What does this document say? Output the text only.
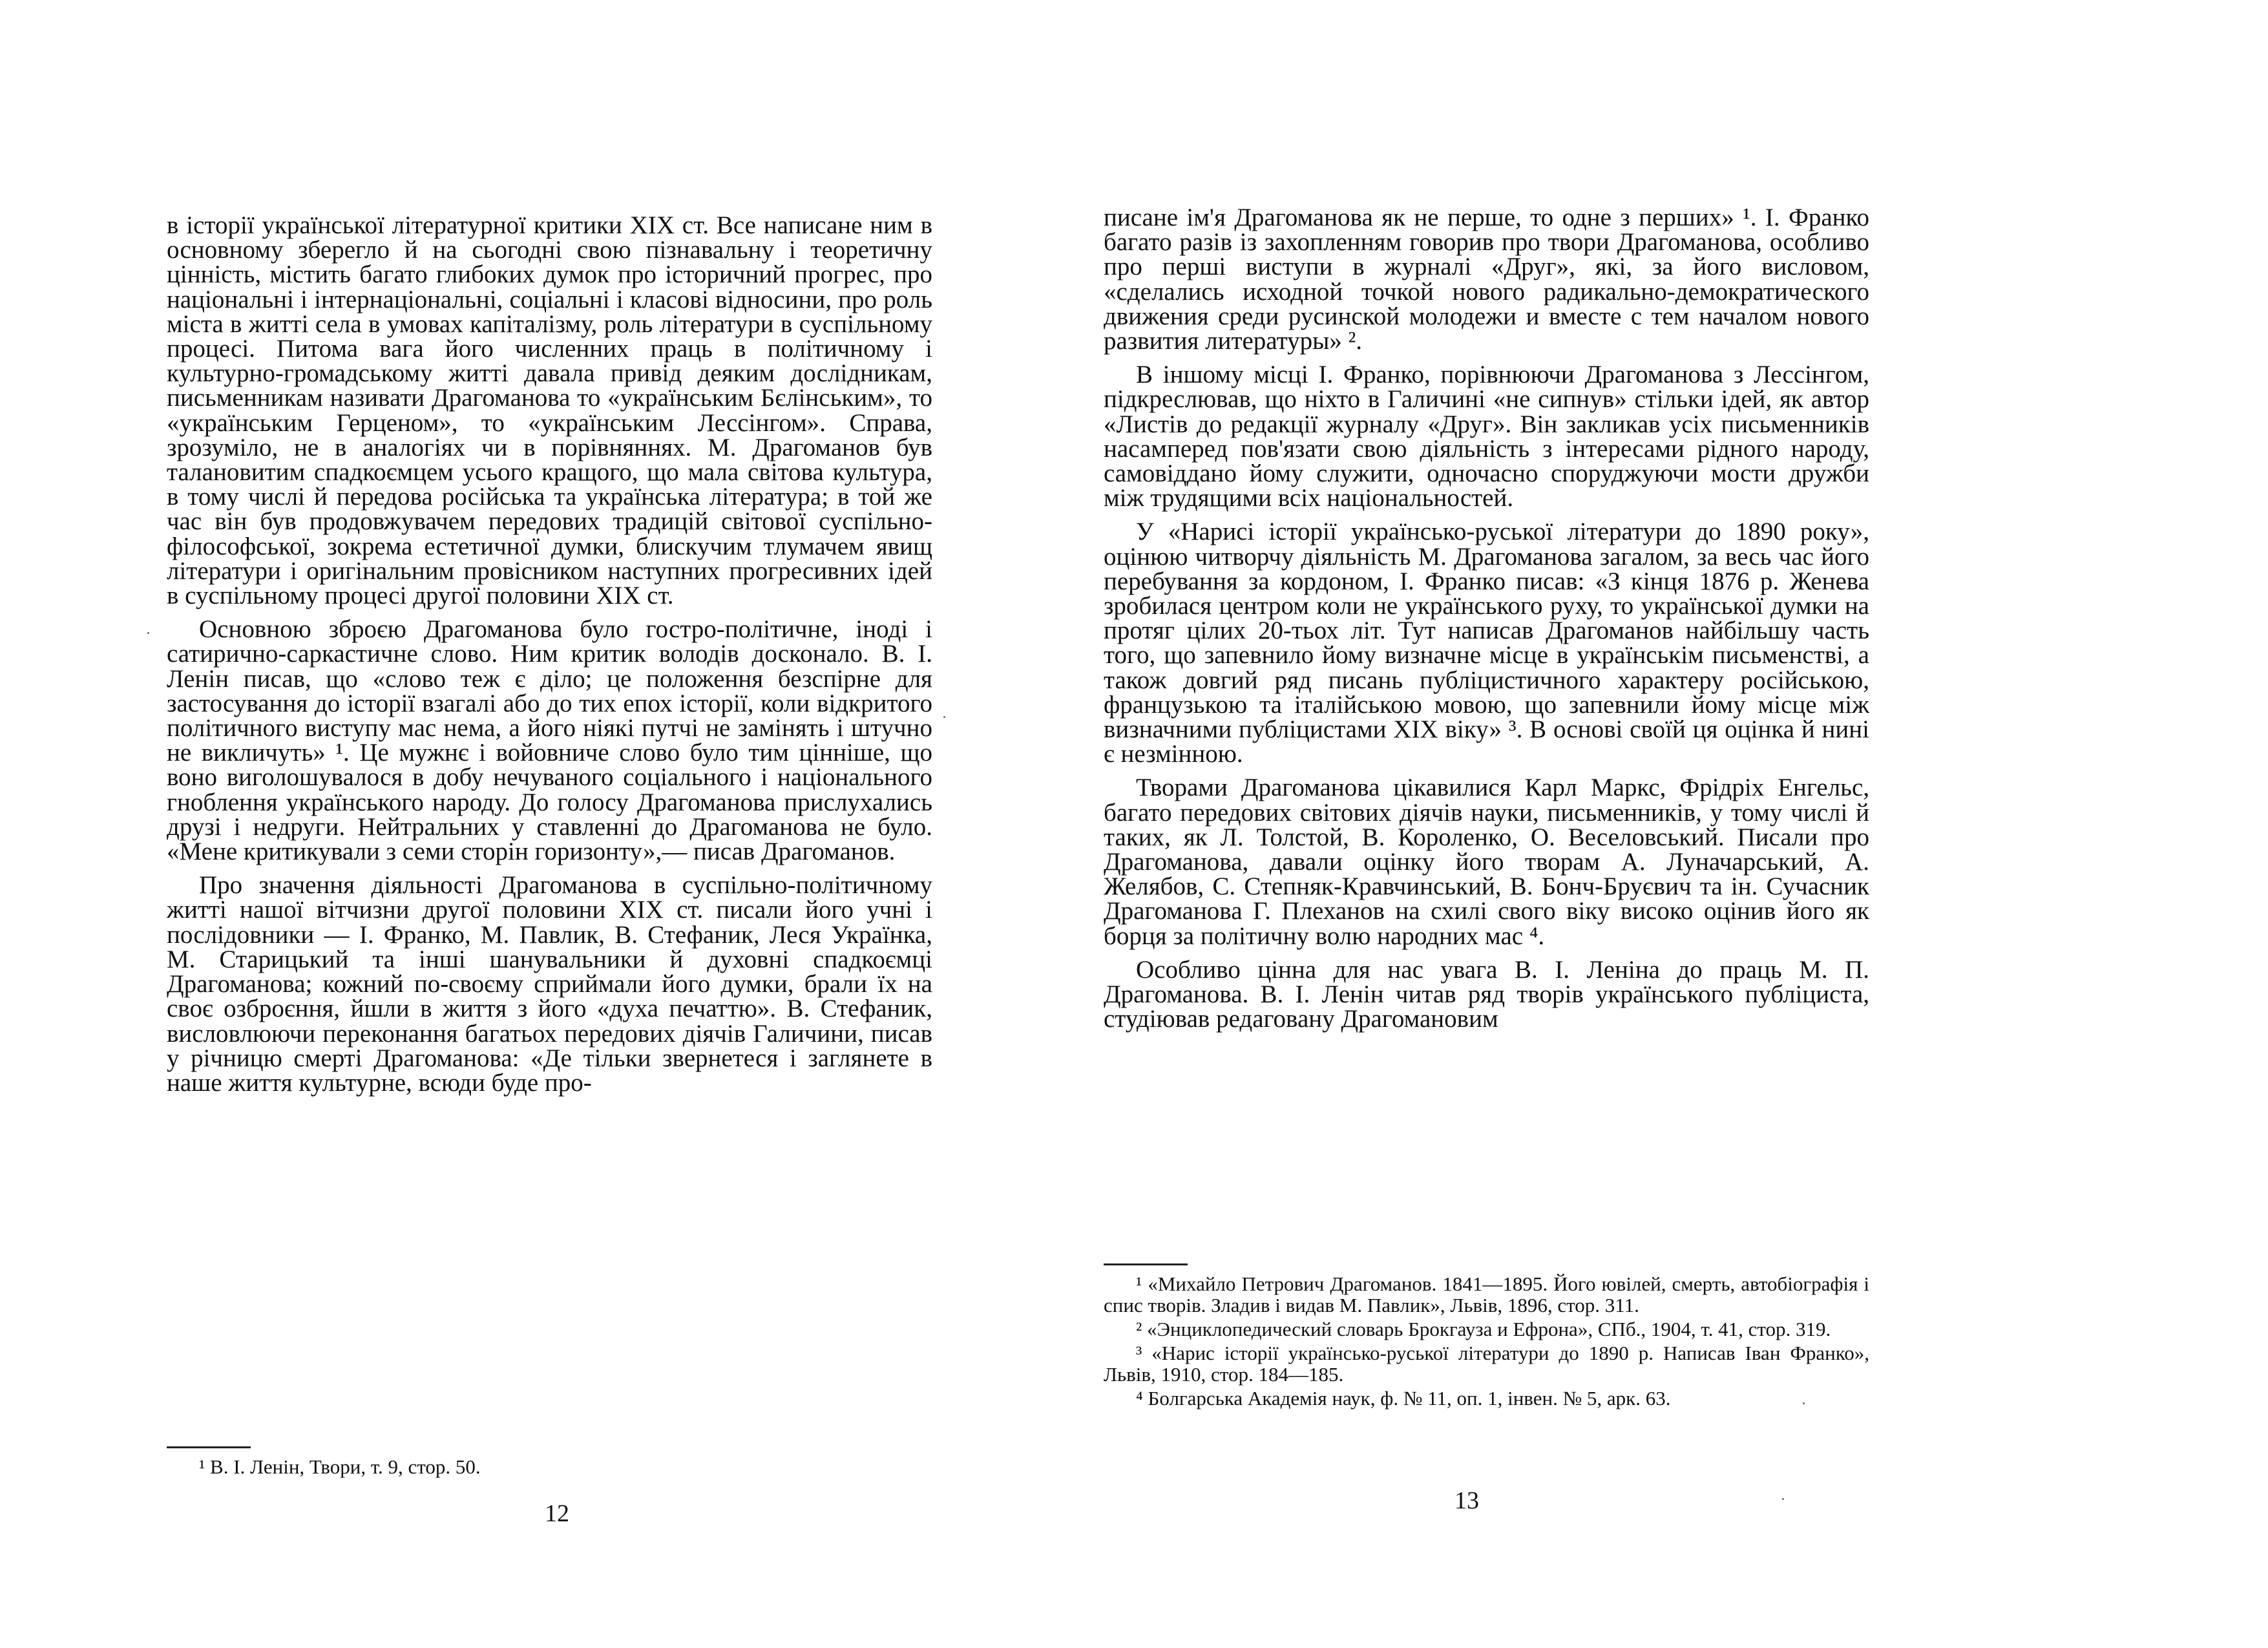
в історії української літературної критики XIX ст. Все написане ним в основному збереглo й на сьогодні свою пізнавальну і теоретичну цінність, містить багато глибоких думок про історичний прогрес, про національні і інтернаціональні, соціальні і класові відносини, про роль міста в житті села в умовах капіталізму, роль літератури в суспільному процесі. Питома вага його численних праць в політичному і культурно-громадському житті давала привід деяким дослідникам, письменникам називати Драгоманова то «українським Бєлінським», то «українським Герценом», то «українським Лессінгом». Справа, зрозуміло, не в аналогіях чи в порівняннях. М. Драгоманов був талановитим спадкоємцем усього кращого, що мала світова культура, в тому числі й передова російська та українська література; в той же час він був продовжувачем передових традицій світової суспільно-філософської, зокрема естетичної думки, блискучим тлумачем явищ літератури і оригінальним провісником наступних прогресивних ідей в суспільному процесі другої половини XIX ст.

Основною зброєю Драгоманова було гостро-політичне, іноді і сатирично-саркастичне слово. Ним критик володів досконало. В. І. Ленін писав, що «слово теж є діло; це положення безспірне для застосування до історії взагалі або до тих епох історії, коли відкритого політичного виступу мас нема, а його ніякі путчі не замінять і штучно не викличуть» ¹. Це мужнє і войовниче слово було тим цінніше, що воно виголошувалося в добу нечуваного соціального і національного гноблення українського народу. До голосу Драгоманова прислухались друзі і недруги. Нейтральних у ставленні до Драгоманова не було. «Мене критикували з семи сторін горизонту»,— писав Драгоманов.

Про значення діяльності Драгоманова в суспільно-політичному житті нашої вітчизни другої половини XIX ст. писали його учні і послідовники — І. Франко, М. Павлик, В. Стефаник, Леся Українка, М. Старицький та інші шанувальники й духовні спадкоємці Драгоманова; кожний по-своєму сприймали його думки, брали їх на своє озброєння, йшли в життя з його «духа печаттю». В. Стефаник, висловлюючи переконання багатьох передових діячів Галичини, писав у річницю смерті Драгоманова: «Де тільки звернетеся і заглянете в наше життя культурне, всюди буде про-

¹ В. І. Ленін, Твори, т. 9, стор. 50.

12

писане ім'я Драгоманова як не перше, то одне з перших» ¹. І. Франко багато разів із захопленням говорив про твори Драгоманова, особливо про перші виступи в журналі «Друг», які, за його висловом, «сделались исходной точкой нового радикально-демократического движения среди русинской молодежи и вместе с тем началом нового развития литературы» ².

В іншому місці І. Франко, порівнюючи Драгоманова з Лессінгом, підкреслював, що ніхто в Галичині «не сипнув» стільки ідей, як автор «Листів до редакції журналу «Друг». Він закликав усіх письменників насамперед пов'язати свою діяльність з інтересами рідного народу, самовіддано йому служити, одночасно споруджуючи мости дружби між трудящими всіх національностей.

У «Нарисі історії українсько-руської літератури до 1890 року», оцінюю читворчу діяльність М. Драгоманова загалом, за весь час його перебування за кордоном, І. Франко писав: «З кінця 1876 р. Женева зробилася центром коли не українського руху, то української думки на протяг цілих 20-тьох літ. Тут написав Драгоманов найбільшу часть того, що запевнило йому визначне місце в українськім письменстві, а також довгий ряд писань публіцистичного характеру російською, французькою та італійською мовою, що запевнили йому місце між визначними публіцистами XIX віку» ³. В основі своїй ця оцінка й нині є незмінною.

Творами Драгоманова цікавилися Карл Маркс, Фрідріх Енгельс, багато передових світових діячів науки, письменників, у тому числі й таких, як Л. Толстой, В. Короленко, О. Веселовський. Писали про Драгоманова, давали оцінку його творам А. Луначарський, А. Желябов, С. Степняк-Кравчинський, В. Бонч-Бруєвич та ін. Сучасник Драгоманова Г. Плеханов на схилі свого віку високо оцінив його як борця за політичну волю народних мас ⁴.

Особливо цінна для нас увага В. І. Леніна до праць М. П. Драгоманова. В. І. Ленін читав ряд творів українського публіциста, студіював редаговану Драгомановим

¹ «Михайло Петрович Драгоманов. 1841—1895. Його ювілей, смерть, автобіографія і спис творів. Зладив і видав М. Павлик», Львів, 1896, стор. 311.

² «Энциклопедический словарь Брокгауза и Ефрона», СПб., 1904, т. 41, стор. 319.

³ «Нарис історії українсько-руської літератури до 1890 р. Написав Іван Франко», Львів, 1910, стор. 184—185.

⁴ Болгарська Академія наук, ф. № 11, оп. 1, інвен. № 5, арк. 63.

13
